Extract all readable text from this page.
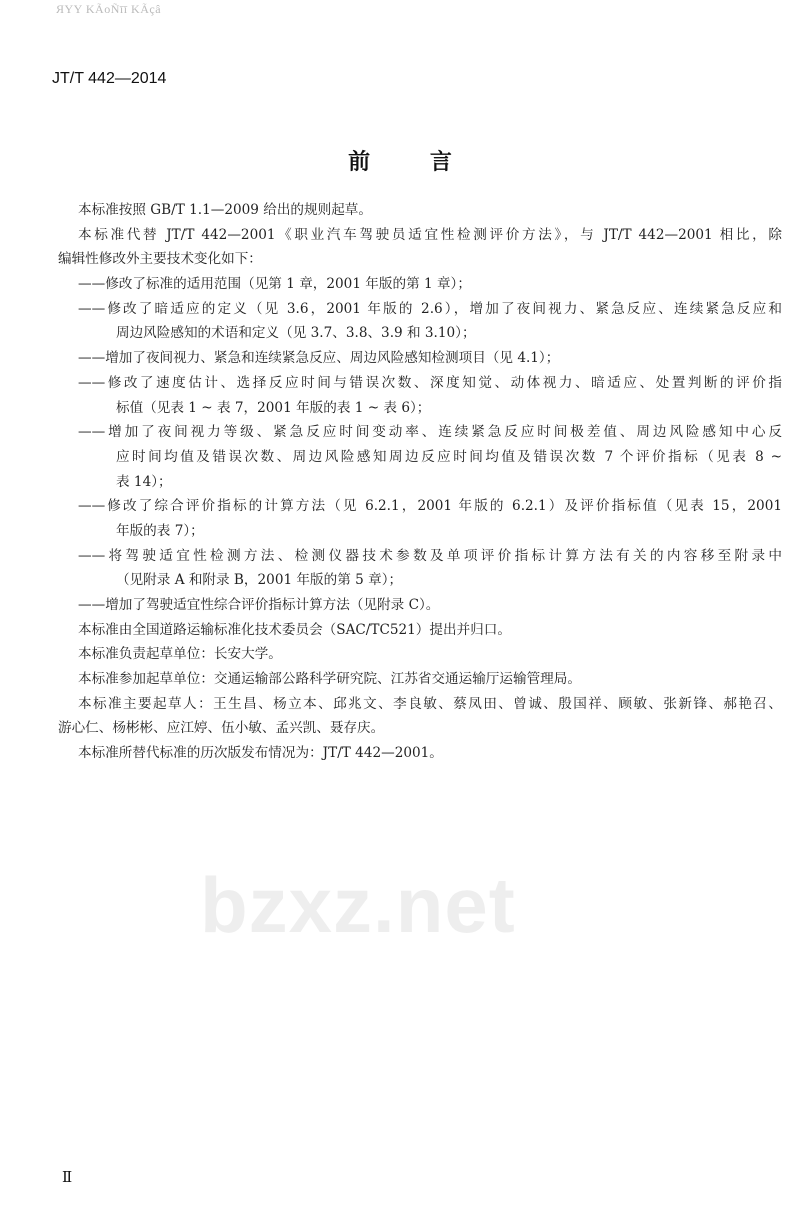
ЯΥΥ KÃoÑīī KÃçâ
JT/T 442—2014
bzxz.net
前 言
本标准按照 GB/T 1.1—2009 给出的规则起草。
本标准代替 JT/T 442—2001《职业汽车驾驶员适宜性检测评价方法》，与 JT/T 442—2001 相比，除
编辑性修改外主要技术变化如下：
——修改了标准的适用范围（见第 1 章，2001 年版的第 1 章）；
——修改了暗适应的定义（见 3.6，2001 年版的 2.6），增加了夜间视力、紧急反应、连续紧急反应和
周边风险感知的术语和定义（见 3.7、3.8、3.9 和 3.10）；
——增加了夜间视力、紧急和连续紧急反应、周边风险感知检测项目（见 4.1）；
——修改了速度估计、选择反应时间与错误次数、深度知觉、动体视力、暗适应、处置判断的评价指
标值（见表 1 ~ 表 7，2001 年版的表 1 ~ 表 6）；
——增加了夜间视力等级、紧急反应时间变动率、连续紧急反应时间极差值、周边风险感知中心反
应时间均值及错误次数、周边风险感知周边反应时间均值及错误次数 7 个评价指标（见表 8 ~
表 14）；
——修改了综合评价指标的计算方法（见 6.2.1，2001 年版的 6.2.1）及评价指标值（见表 15，2001
年版的表 7）；
——将驾驶适宜性检测方法、检测仪器技术参数及单项评价指标计算方法有关的内容移至附录中
（见附录 A 和附录 B，2001 年版的第 5 章）；
——增加了驾驶适宜性综合评价指标计算方法（见附录 C）。
本标准由全国道路运输标准化技术委员会（SAC/TC521）提出并归口。
本标准负责起草单位：长安大学。
本标准参加起草单位：交通运输部公路科学研究院、江苏省交通运输厅运输管理局。
本标准主要起草人：王生昌、杨立本、邱兆文、李良敏、蔡凤田、曾诚、殷国祥、顾敏、张新锋、郝艳召、
游心仁、杨彬彬、应江婷、伍小敏、孟兴凯、聂存庆。
本标准所替代标准的历次版发布情况为：JT/T 442—2001。
Ⅱ
